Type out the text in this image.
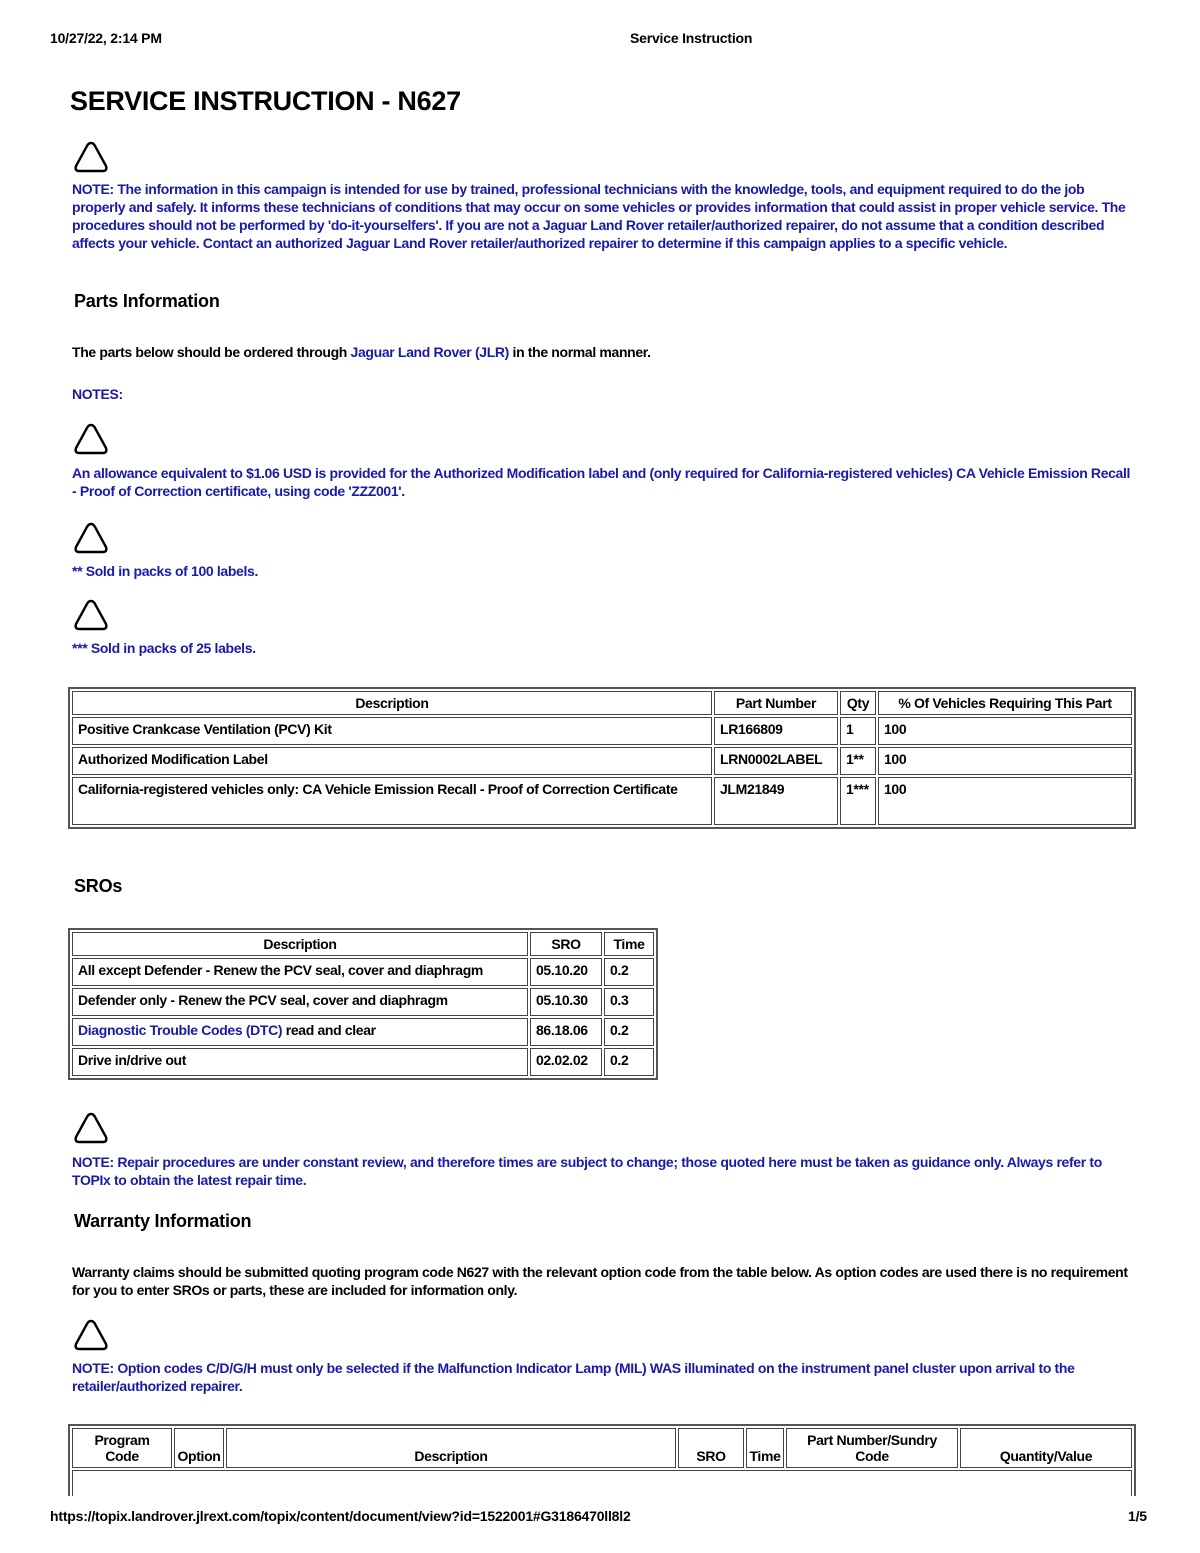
10/27/22, 2:14 PM	Service Instruction
SERVICE INSTRUCTION - N627
NOTE: The information in this campaign is intended for use by trained, professional technicians with the knowledge, tools, and equipment required to do the job properly and safely. It informs these technicians of conditions that may occur on some vehicles or provides information that could assist in proper vehicle service. The procedures should not be performed by 'do-it-yourselfers'. If you are not a Jaguar Land Rover retailer/authorized repairer, do not assume that a condition described affects your vehicle. Contact an authorized Jaguar Land Rover retailer/authorized repairer to determine if this campaign applies to a specific vehicle.
Parts Information
The parts below should be ordered through Jaguar Land Rover (JLR) in the normal manner.
NOTES:
An allowance equivalent to $1.06 USD is provided for the Authorized Modification label and (only required for California-registered vehicles) CA Vehicle Emission Recall - Proof of Correction certificate, using code 'ZZZ001'.
** Sold in packs of 100 labels.
*** Sold in packs of 25 labels.
Description	Part Number	Qty	% Of Vehicles Requiring This Part
Positive Crankcase Ventilation (PCV) Kit	LR166809	1	100
Authorized Modification Label	LRN0002LABEL	1**	100
California-registered vehicles only: CA Vehicle Emission Recall - Proof of Correction Certificate	JLM21849	1***	100
SROs
Description	SRO	Time
All except Defender - Renew the PCV seal, cover and diaphragm	05.10.20	0.2
Defender only - Renew the PCV seal, cover and diaphragm	05.10.30	0.3
Diagnostic Trouble Codes (DTC) read and clear	86.18.06	0.2
Drive in/drive out	02.02.02	0.2
NOTE: Repair procedures are under constant review, and therefore times are subject to change; those quoted here must be taken as guidance only. Always refer to TOPIx to obtain the latest repair time.
Warranty Information
Warranty claims should be submitted quoting program code N627 with the relevant option code from the table below. As option codes are used there is no requirement for you to enter SROs or parts, these are included for information only.
NOTE: Option codes C/D/G/H must only be selected if the Malfunction Indicator Lamp (MIL) WAS illuminated on the instrument panel cluster upon arrival to the retailer/authorized repairer.
Program Code	Option	Description	SRO	Time	Part Number/Sundry Code	Quantity/Value

https://topix.landrover.jlrext.com/topix/content/document/view?id=1522001#G3186470ll8l2	1/5
